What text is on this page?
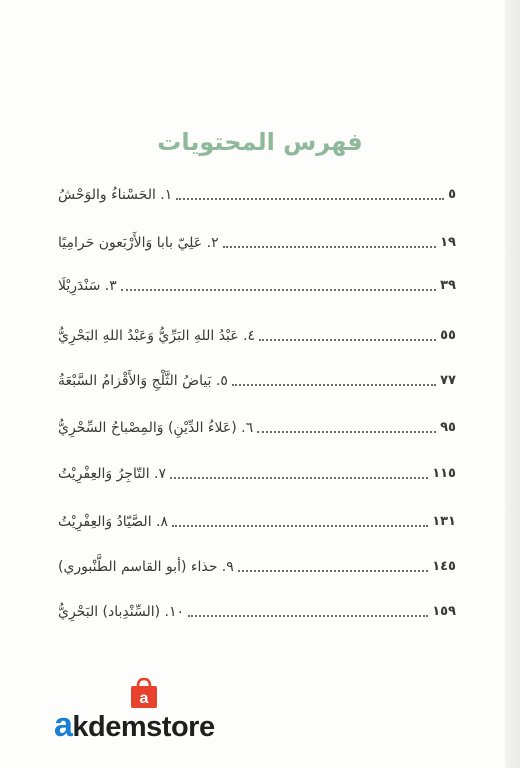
فهرس المحتويات
١. الحَسْناءُ والوَحْشُ	٥
٢. عَلِيّ بابا وَالأَرْبَعون حَرامِيًا	١٩
٣. سَنْدَرِيْلَا	٣٩
٤. عَبْدُ اللهِ البَرِّيُّ وَعَبْدُ اللهِ البَحْرِيُّ	٥٥
٥. بَياضُ الثَّلْجِ وَالأَقْزامُ السَّبْعَةُ	٧٧
٦. (عَلاءُ الدِّيْنِ) وَالمِصْباحُ السِّحْرِيُّ	٩٥
٧. التّاجِرُ وَالعِفْرِيْتُ	١١٥
٨. الصَّيّادُ وَالعِفْرِيْتُ	١٣١
٩. حذاء (أبو القاسم الطَّنْبوري)	١٤٥
١٠. (السِّنْدِباد) البَحْرِيُّ	١٥٩
a
akdemstore
